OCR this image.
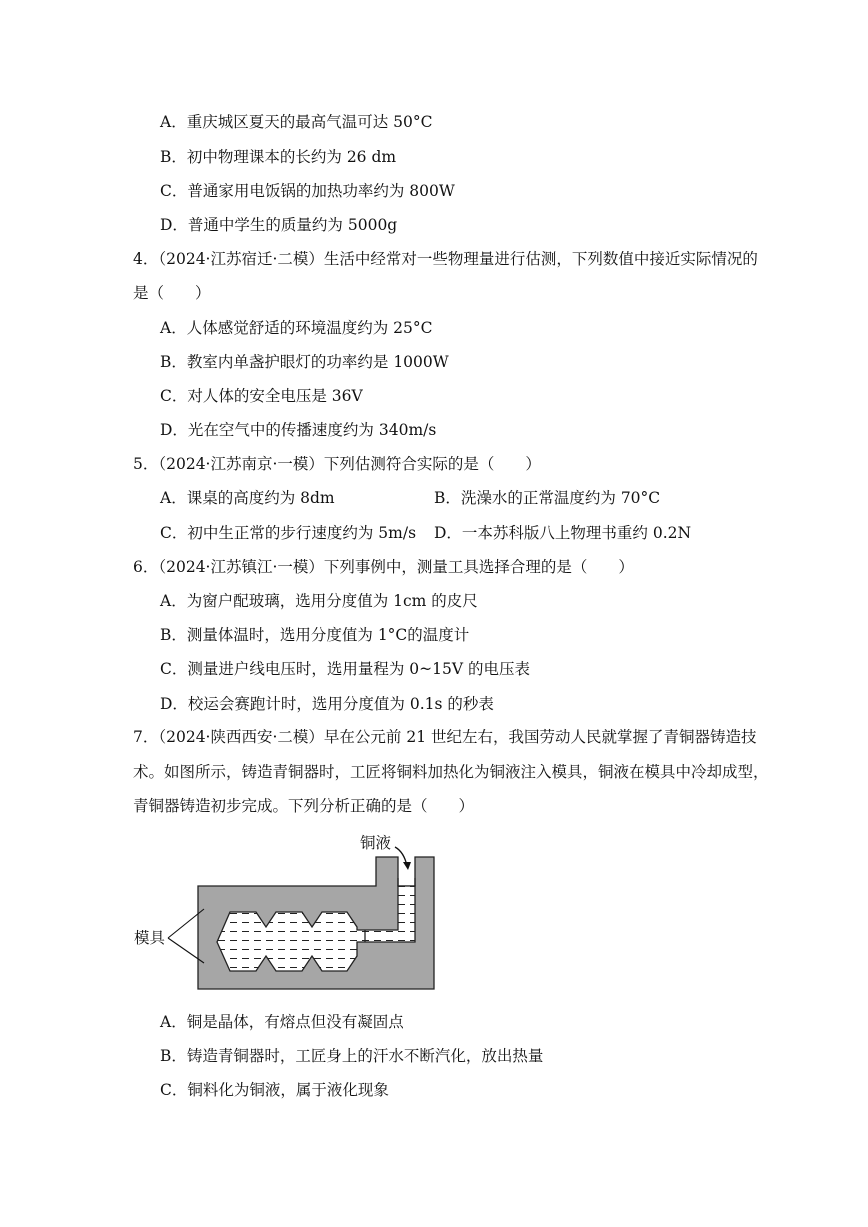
A．重庆城区夏天的最高气温可达 50°C
B．初中物理课本的长约为 26 dm
C．普通家用电饭锅的加热功率约为 800W
D．普通中学生的质量约为 5000g
4．（2024·江苏宿迁·二模）生活中经常对一些物理量进行估测，下列数值中接近实际情况的
是（　　）
A．人体感觉舒适的环境温度约为 25°C
B．教室内单盏护眼灯的功率约是 1000W
C．对人体的安全电压是 36V
D．光在空气中的传播速度约为 340m/s
5．（2024·江苏南京·一模）下列估测符合实际的是（　　）
A．课桌的高度约为 8dm	B．洗澡水的正常温度约为 70°C
C．初中生正常的步行速度约为 5m/s D．一本苏科版八上物理书重约 0.2N
6．（2024·江苏镇江·一模）下列事例中，测量工具选择合理的是（　　）
A．为窗户配玻璃，选用分度值为 1cm 的皮尺
B．测量体温时，选用分度值为 1°C的温度计
C．测量进户线电压时，选用量程为 0~15V 的电压表
D．校运会赛跑计时，选用分度值为 0.1s 的秒表
7．（2024·陕西西安·二模）早在公元前 21 世纪左右，我国劳动人民就掌握了青铜器铸造技
术。如图所示，铸造青铜器时，工匠将铜料加热化为铜液注入模具，铜液在模具中冷却成型，
青铜器铸造初步完成。下列分析正确的是（　　）
铜液
模具
A．铜是晶体，有熔点但没有凝固点
B．铸造青铜器时，工匠身上的汗水不断汽化，放出热量
C．铜料化为铜液，属于液化现象
